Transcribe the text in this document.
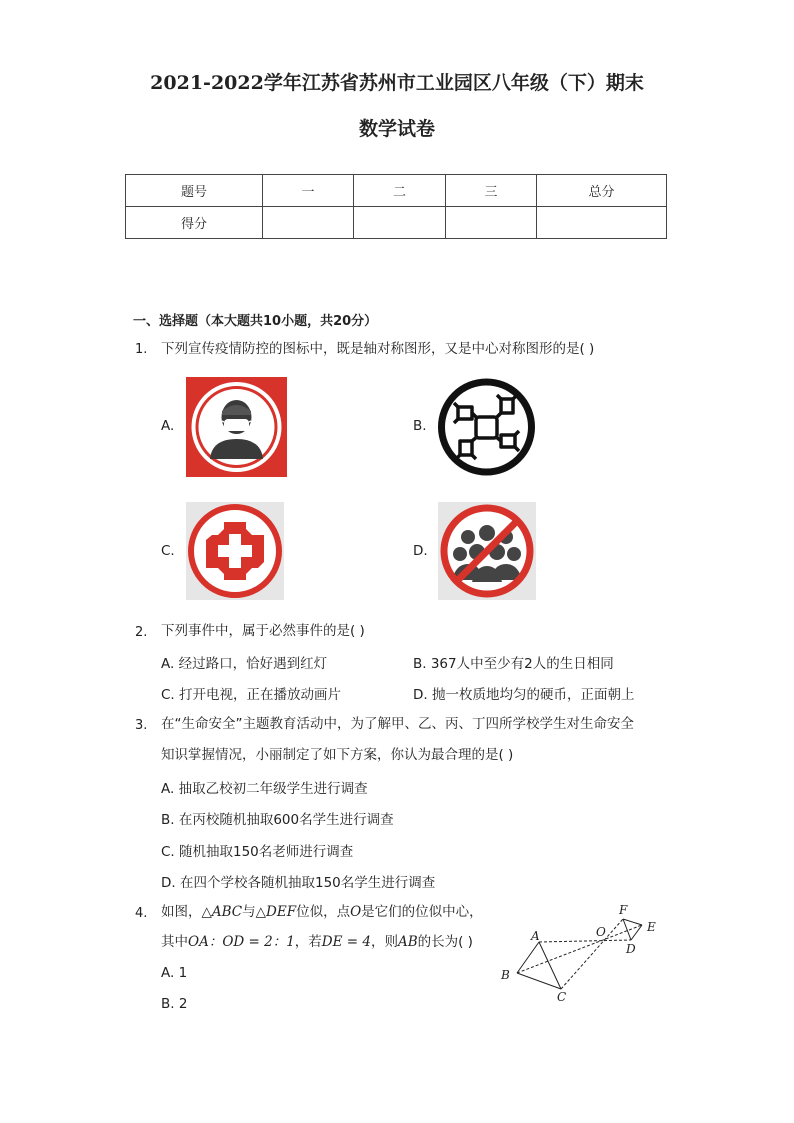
2021-2022学年江苏省苏州市工业园区八年级（下）期末
数学试卷
题号	一	二	三	总分
得分				
一、选择题（本大题共10小题，共20分）
1. 下列宣传疫情防控的图标中，既是轴对称图形，又是中心对称图形的是( )
A.	B.
C.	D.
2. 下列事件中，属于必然事件的是( )
A. 经过路口，恰好遇到红灯	B. 367人中至少有2人的生日相同
C. 打开电视，正在播放动画片	D. 抛一枚质地均匀的硬币，正面朝上
3. 在“生命安全”主题教育活动中，为了解甲、乙、丙、丁四所学校学生对生命安全
知识掌握情况，小丽制定了如下方案，你认为最合理的是( )
A. 抽取乙校初二年级学生进行调查
B. 在丙校随机抽取600名学生进行调查
C. 随机抽取150名老师进行调查
D. 在四个学校各随机抽取150名学生进行调查
4. 如图，△ABC与△DEF位似，点O是它们的位似中心，
其中OA：OD = 2：1，若DE = 4，则AB的长为( )
A. 1
B. 2
A
B
C
D
E
F
O
